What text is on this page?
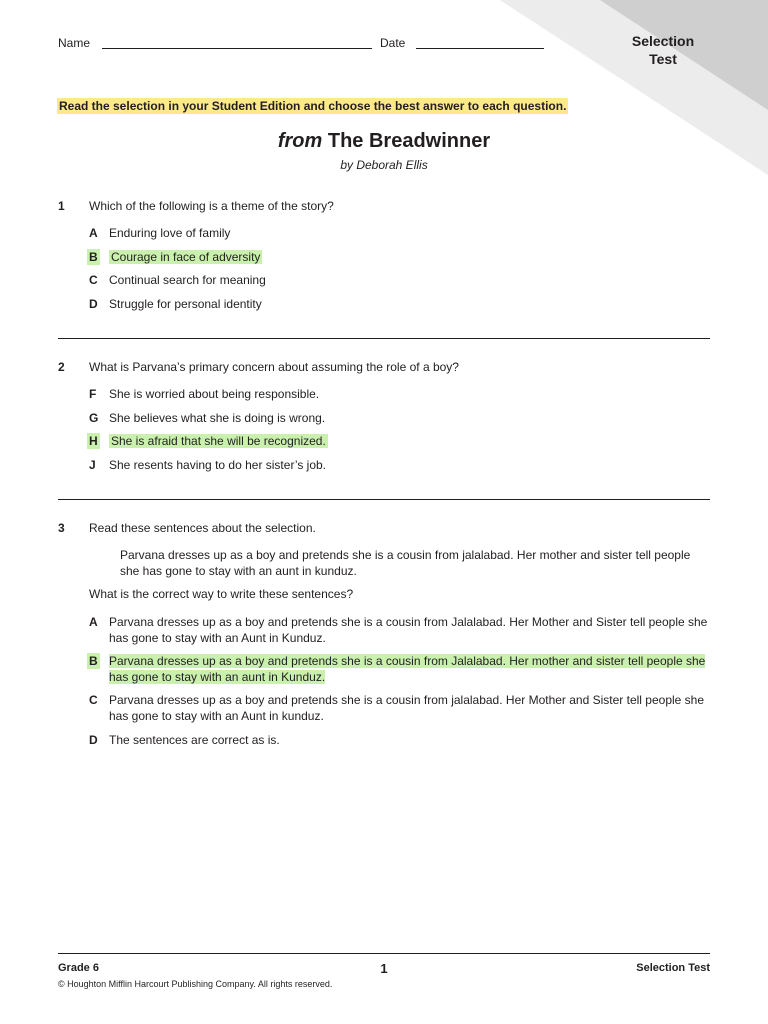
Name	Date	Selection
Test
Read the selection in your Student Edition and choose the best answer to each question.
from The Breadwinner
by Deborah Ellis
1 Which of the following is a theme of the story?
A Enduring love of family
B Courage in face of adversity
C Continual search for meaning
D Struggle for personal identity
2 What is Parvana’s primary concern about assuming the role of a boy?
F She is worried about being responsible.
G She believes what she is doing is wrong.
H She is afraid that she will be recognized.
J She resents having to do her sister’s job.
3 Read these sentences about the selection.
Parvana dresses up as a boy and pretends she is a cousin from jalalabad. Her mother and sister tell people she has gone to stay with an aunt in kunduz.
What is the correct way to write these sentences?
A Parvana dresses up as a boy and pretends she is a cousin from Jalalabad. Her Mother and Sister tell people she has gone to stay with an Aunt in Kunduz.
B Parvana dresses up as a boy and pretends she is a cousin from Jalalabad. Her mother and sister tell people she has gone to stay with an aunt in Kunduz.
C Parvana dresses up as a boy and pretends she is a cousin from jalalabad. Her Mother and Sister tell people she has gone to stay with an Aunt in kunduz.
D The sentences are correct as is.
Grade 6	1	Selection Test
© Houghton Mifflin Harcourt Publishing Company. All rights reserved.
